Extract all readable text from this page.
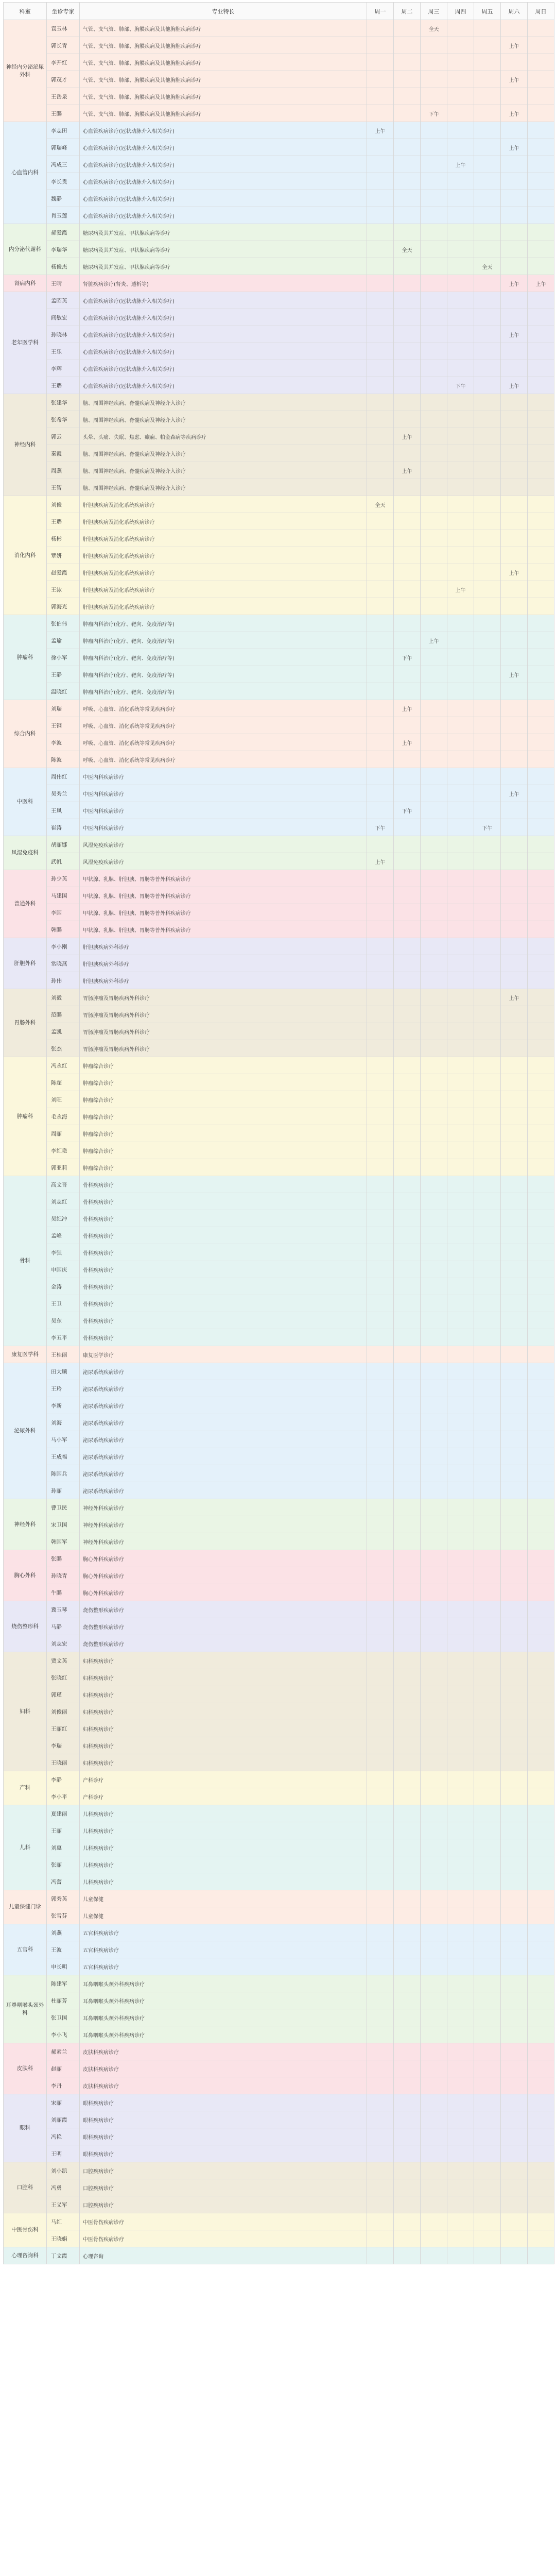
科室	坐诊专家	专业特长	周一	周二	周三	周四	周五	周六	周日
神经内分泌泌尿外科	袁玉林	气管、支气管、肺部、胸膜疾病及其他胸腔疾病诊疗			全天				
	郭长青	气管、支气管、肺部、胸膜疾病及其他胸腔疾病诊疗						上午	
	李开红	气管、支气管、肺部、胸膜疾病及其他胸腔疾病诊疗							
	郭茂才	气管、支气管、肺部、胸膜疾病及其他胸腔疾病诊疗						上午	
	王岳泉	气管、支气管、肺部、胸膜疾病及其他胸腔疾病诊疗							
	王鹏	气管、支气管、肺部、胸膜疾病及其他胸腔疾病诊疗			下午			上午	
心血管内科	李志田	心血管疾病诊疗(冠状动脉介入相关诊疗)	上午						
	郭瑞峰	心血管疾病诊疗(冠状动脉介入相关诊疗)						上午	
	冯成三	心血管疾病诊疗(冠状动脉介入相关诊疗)				上午			
	李长贵	心血管疾病诊疗(冠状动脉介入相关诊疗)							
	魏静	心血管疾病诊疗(冠状动脉介入相关诊疗)							
	肖玉莲	心血管疾病诊疗(冠状动脉介入相关诊疗)							
内分泌代谢科	郝爱霞	糖尿病及其并发症、甲状腺疾病等诊疗							
	李瑞华	糖尿病及其并发症、甲状腺疾病等诊疗		全天					
	杨俊杰	糖尿病及其并发症、甲状腺疾病等诊疗					全天		
肾病内科	王晴	肾脏疾病诊疗(肾炎、透析等)						上午	上午
老年医学科	孟昭英	心血管疾病诊疗(冠状动脉介入相关诊疗)							
	阎敏宏	心血管疾病诊疗(冠状动脉介入相关诊疗)							
	孙晓林	心血管疾病诊疗(冠状动脉介入相关诊疗)						上午	
	王乐	心血管疾病诊疗(冠状动脉介入相关诊疗)							
	李辉	心血管疾病诊疗(冠状动脉介入相关诊疗)							
	王璐	心血管疾病诊疗(冠状动脉介入相关诊疗)				下午		上午	
神经内科	张建华	脑、周围神经疾病、脊髓疾病及神经介入诊疗							
	张希华	脑、周围神经疾病、脊髓疾病及神经介入诊疗							
	郭云	头晕、头痛、失眠、焦虑、癫痫、帕金森病等疾病诊疗		上午					
	秦霞	脑、周围神经疾病、脊髓疾病及神经介入诊疗							
	周燕	脑、周围神经疾病、脊髓疾病及神经介入诊疗		上午					
	王智	脑、周围神经疾病、脊髓疾病及神经介入诊疗							
消化内科	刘俊	肝胆胰疾病及消化系统疾病诊疗	全天						
	王璐	肝胆胰疾病及消化系统疾病诊疗							
	杨彬	肝胆胰疾病及消化系统疾病诊疗							
	覃妍	肝胆胰疾病及消化系统疾病诊疗							
	赵爱霞	肝胆胰疾病及消化系统疾病诊疗						上午	
	王泳	肝胆胰疾病及消化系统疾病诊疗				上午			
	郭海光	肝胆胰疾病及消化系统疾病诊疗							
肿瘤科	张伯伟	肿瘤内科治疗(化疗、靶向、免疫治疗等)							
	孟瑜	肿瘤内科治疗(化疗、靶向、免疫治疗等)			上午				
	徐小军	肿瘤内科治疗(化疗、靶向、免疫治疗等)		下午					
	王静	肿瘤内科治疗(化疗、靶向、免疫治疗等)						上午	
	温晓红	肿瘤内科治疗(化疗、靶向、免疫治疗等)							
综合内科	刘瑞	呼吸、心血管、消化系统等常见疾病诊疗		上午					
	王钢	呼吸、心血管、消化系统等常见疾病诊疗							
	李波	呼吸、心血管、消化系统等常见疾病诊疗		上午					
	陈波	呼吸、心血管、消化系统等常见疾病诊疗							
中医科	周伟红	中医内科疾病诊疗							
	吴秀兰	中医内科疾病诊疗						上午	
	王凤	中医内科疾病诊疗		下午					
	崔涛	中医内科疾病诊疗	下午				下午		
风湿免疫科	胡丽娜	风湿免疫疾病诊疗							
	武帆	风湿免疫疾病诊疗	上午						
普通外科	孙少英	甲状腺、乳腺、肝胆胰、胃肠等普外科疾病诊疗							
	马建国	甲状腺、乳腺、肝胆胰、胃肠等普外科疾病诊疗							
	李国	甲状腺、乳腺、肝胆胰、胃肠等普外科疾病诊疗							
	韩鹏	甲状腺、乳腺、肝胆胰、胃肠等普外科疾病诊疗							
肝胆外科	李小刚	肝胆胰疾病外科诊疗							
	常晓燕	肝胆胰疾病外科诊疗							
	孙伟	肝胆胰疾病外科诊疗							
胃肠外科	刘毅	胃肠肿瘤及胃肠疾病外科诊疗						上午	
	范鹏	胃肠肿瘤及胃肠疾病外科诊疗							
	孟凯	胃肠肿瘤及胃肠疾病外科诊疗							
	张杰	胃肠肿瘤及胃肠疾病外科诊疗							
肿瘤科	冯永红	肿瘤综合诊疗							
	陈超	肿瘤综合诊疗							
	刘旺	肿瘤综合诊疗							
	毛永海	肿瘤综合诊疗							
	周丽	肿瘤综合诊疗							
	李红艳	肿瘤综合诊疗							
	郭亚莉	肿瘤综合诊疗							
骨科	高文晋	骨科疾病诊疗							
	刘志红	骨科疾病诊疗							
	吴纪冲	骨科疾病诊疗							
	孟峰	骨科疾病诊疗							
	李强	骨科疾病诊疗							
	申国庆	骨科疾病诊疗							
	金涛	骨科疾病诊疗							
	王卫	骨科疾病诊疗							
	吴东	骨科疾病诊疗							
	李五平	骨科疾病诊疗							
康复医学科	王桂丽	康复医学诊疗							
泌尿外科	田大顺	泌尿系统疾病诊疗							
	王玲	泌尿系统疾病诊疗							
	李新	泌尿系统疾病诊疗							
	刘海	泌尿系统疾病诊疗							
	马小军	泌尿系统疾病诊疗							
	王成福	泌尿系统疾病诊疗							
	陈国兵	泌尿系统疾病诊疗							
	孙丽	泌尿系统疾病诊疗							
神经外科	曹卫民	神经外科疾病诊疗							
	宋卫国	神经外科疾病诊疗							
	韩国军	神经外科疾病诊疗							
胸心外科	张鹏	胸心外科疾病诊疗							
	孙晓青	胸心外科疾病诊疗							
	牛鹏	胸心外科疾病诊疗							
烧伤整形科	冀玉琴	烧伤整形疾病诊疗							
	马静	烧伤整形疾病诊疗							
	刘志宏	烧伤整形疾病诊疗							
妇科	贾文英	妇科疾病诊疗							
	张晓红	妇科疾病诊疗							
	郭瑾	妇科疾病诊疗							
	刘俊丽	妇科疾病诊疗							
	王丽红	妇科疾病诊疗							
	李瑞	妇科疾病诊疗							
	王晓丽	妇科疾病诊疗							
产科	李静	产科诊疗							
	李小平	产科诊疗							
儿科	夏建丽	儿科疾病诊疗							
	王丽	儿科疾病诊疗							
	刘惠	儿科疾病诊疗							
	张丽	儿科疾病诊疗							
	冯蕾	儿科疾病诊疗							
儿童保健门诊	郭秀英	儿童保健							
	张雪芬	儿童保健							
五官科	刘燕	五官科疾病诊疗							
	王波	五官科疾病诊疗							
	申长明	五官科疾病诊疗							
耳鼻咽喉头颈外科	陈建军	耳鼻咽喉头颈外科疾病诊疗							
	杜丽芳	耳鼻咽喉头颈外科疾病诊疗							
	张卫国	耳鼻咽喉头颈外科疾病诊疗							
	李小飞	耳鼻咽喉头颈外科疾病诊疗							
皮肤科	郝素兰	皮肤科疾病诊疗							
	赵丽	皮肤科疾病诊疗							
	李丹	皮肤科疾病诊疗							
眼科	宋丽	眼科疾病诊疗							
	刘丽霞	眼科疾病诊疗							
	冯艳	眼科疾病诊疗							
	王明	眼科疾病诊疗							
口腔科	刘小凯	口腔疾病诊疗							
	冯勇	口腔疾病诊疗							
	王义军	口腔疾病诊疗							
中医骨伤科	马红	中医骨伤疾病诊疗							
	王晓娟	中医骨伤疾病诊疗							
心理咨询科	丁文霞	心理咨询							
